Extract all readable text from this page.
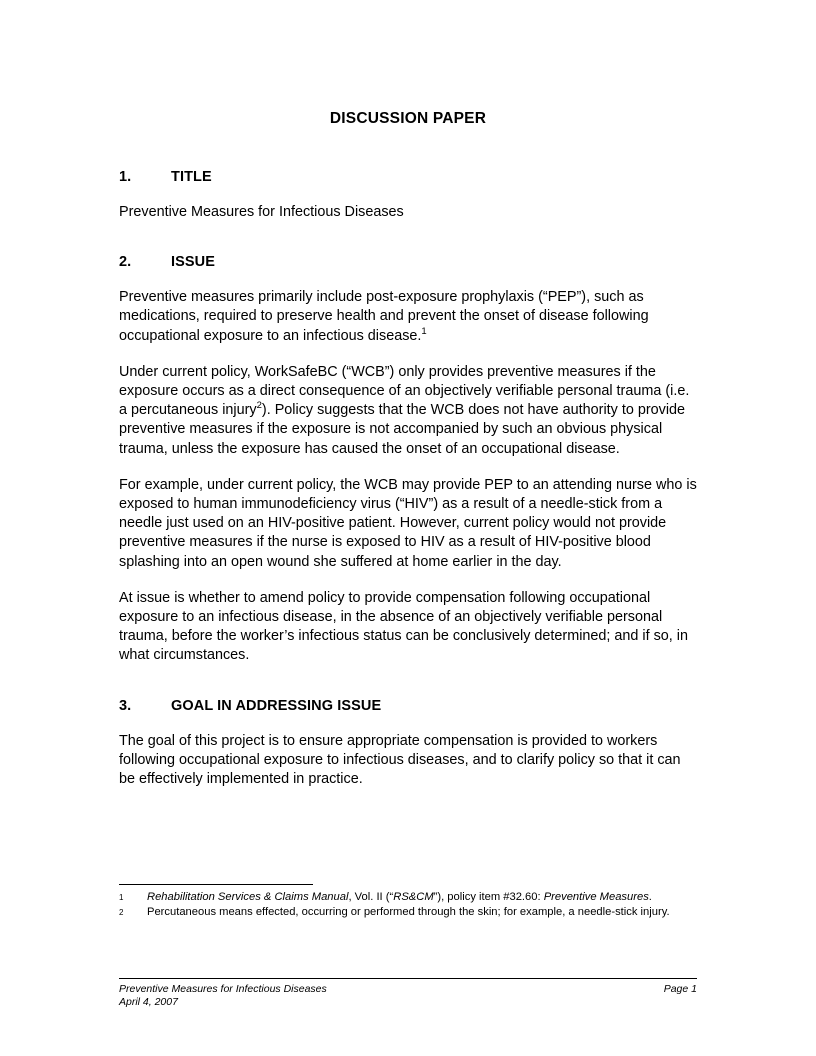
DISCUSSION PAPER
1.	TITLE

Preventive Measures for Infectious Diseases

2.	ISSUE

Preventive measures primarily include post-exposure prophylaxis (“PEP”), such as medications, required to preserve health and prevent the onset of disease following occupational exposure to an infectious disease.$^1$

Under current policy, WorkSafeBC (“WCB”) only provides preventive measures if the exposure occurs as a direct consequence of an objectively verifiable personal trauma (i.e. a percutaneous injury$^2$). Policy suggests that the WCB does not have authority to provide preventive measures if the exposure is not accompanied by such an obvious physical trauma, unless the exposure has caused the onset of an occupational disease.

For example, under current policy, the WCB may provide PEP to an attending nurse who is exposed to human immunodeficiency virus (“HIV”) as a result of a needle-stick from a needle just used on an HIV-positive patient. However, current policy would not provide preventive measures if the nurse is exposed to HIV as a result of HIV-positive blood splashing into an open wound she suffered at home earlier in the day.

At issue is whether to amend policy to provide compensation following occupational exposure to an infectious disease, in the absence of an objectively verifiable personal trauma, before the worker’s infectious status can be conclusively determined; and if so, in what circumstances.

3.	GOAL IN ADDRESSING ISSUE

The goal of this project is to ensure appropriate compensation is provided to workers following occupational exposure to infectious diseases, and to clarify policy so that it can be effectively implemented in practice.

1	Rehabilitation Services & Claims Manual, Vol. II (“RS&CM”), policy item #32.60: Preventive Measures.
2	Percutaneous means effected, occurring or performed through the skin; for example, a needle-stick injury.
Preventive Measures for Infectious Diseases
April 4, 2007
Page 1
